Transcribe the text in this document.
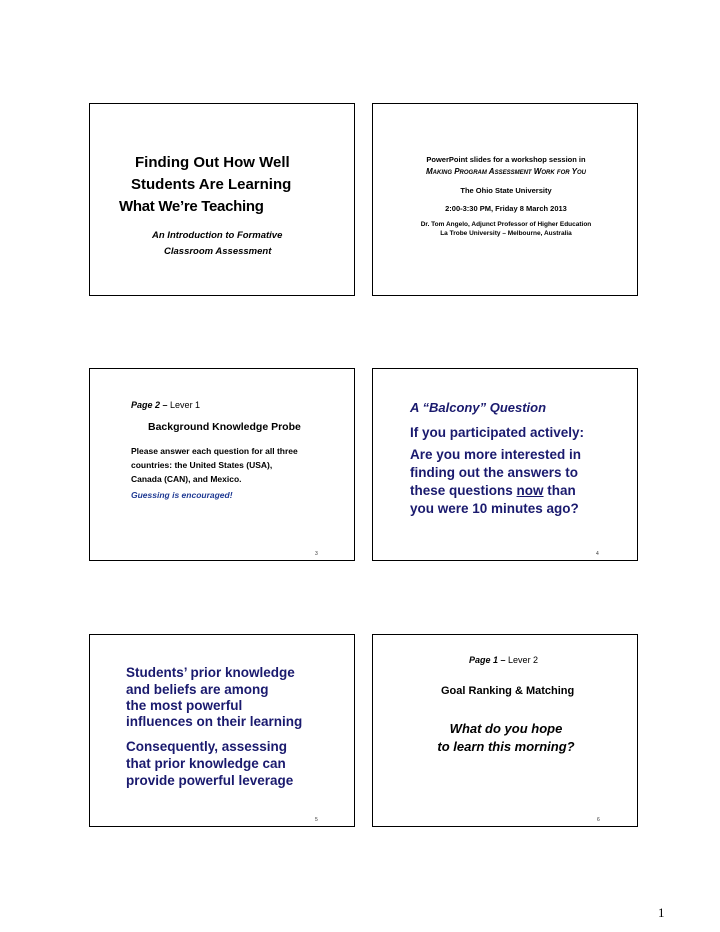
Finding Out How Well
Students Are Learning
What We’re Teaching
An Introduction to Formative
Classroom Assessment
PowerPoint slides for a workshop session in
Making Program Assessment Work for You
The Ohio State University
2:00-3:30 PM, Friday 8 March 2013
Dr. Tom Angelo, Adjunct Professor of Higher Education
La Trobe University – Melbourne, Australia
Page 2 – Lever 1
Background Knowledge Probe
Please answer each question for all three
countries: the United States (USA),
Canada (CAN), and Mexico.
Guessing is encouraged!
3
A “Balcony” Question
If you participated actively:
Are you more interested in
finding out the answers to
these questions now than
you were 10 minutes ago?
4
Students’ prior knowledge
and beliefs are among
the most powerful
influences on their learning
Consequently, assessing
that prior knowledge can
provide powerful leverage
5
Page 1 – Lever 2
Goal Ranking & Matching
What do you hope
to learn this morning?
6
1
